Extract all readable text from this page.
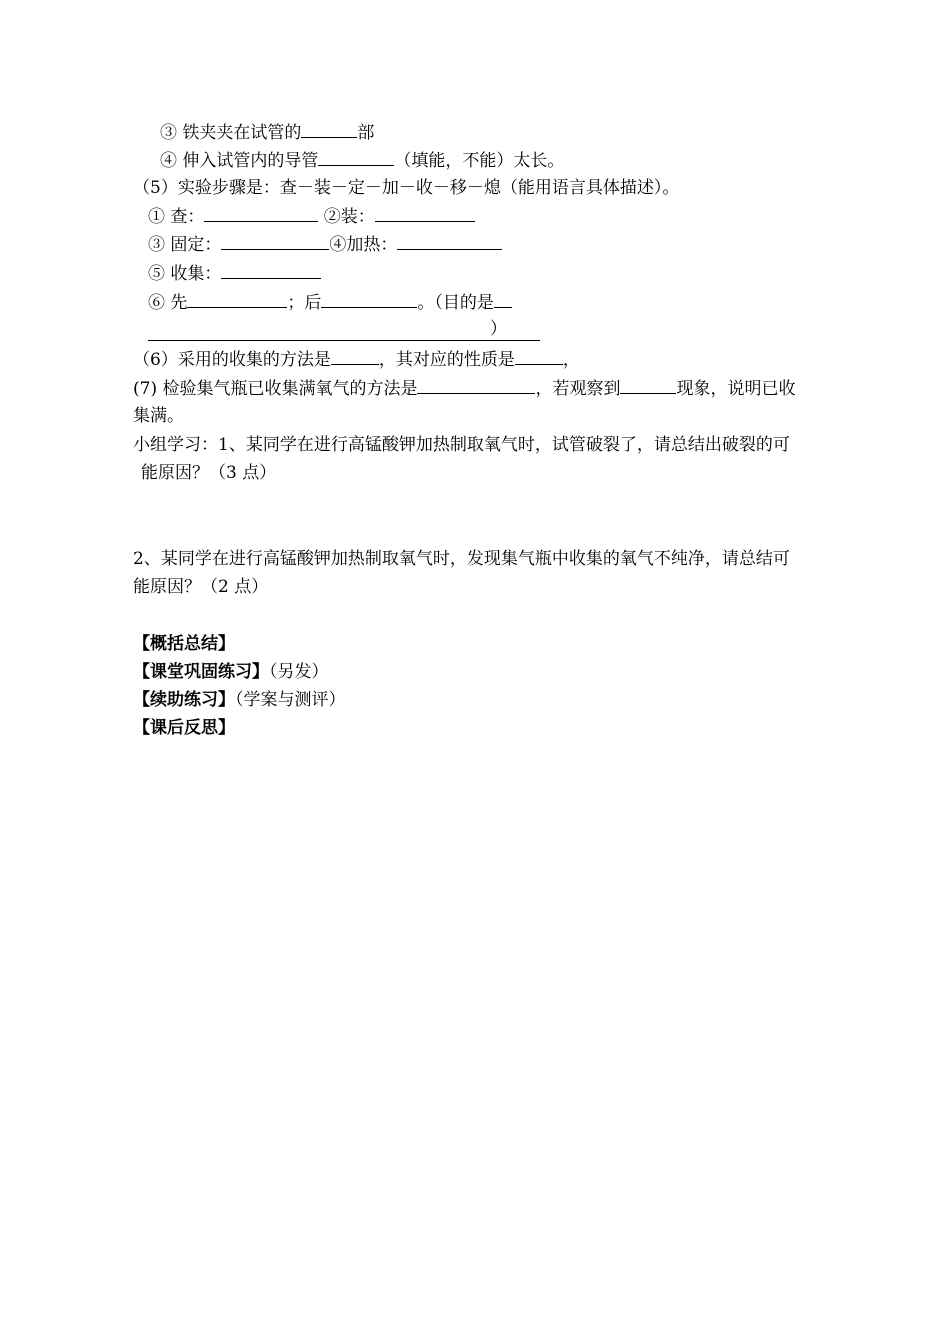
③ 铁夹夹在试管的	部
④ 伸入试管内的导管	（填能，不能）太长。
（5）实验步骤是：查－装－定－加－收－移－熄（能用语言具体描述）。
① 查：	②装：
③ 固定：	④加热：
⑤ 收集：
⑥ 先	；后	。（目的是
）
（6）采用的收集的方法是	，其对应的性质是	，
(7) 检验集气瓶已收集满氧气的方法是	，若观察到	现象，说明已收
集满。
小组学习：1、某同学在进行高锰酸钾加热制取氧气时，试管破裂了，请总结出破裂的可
能原因？（3 点）
2、某同学在进行高锰酸钾加热制取氧气时，发现集气瓶中收集的氧气不纯净，请总结可
能原因？（2 点）
【概括总结】
【课堂巩固练习】（另发）
【续助练习】（学案与测评）
【课后反思】
